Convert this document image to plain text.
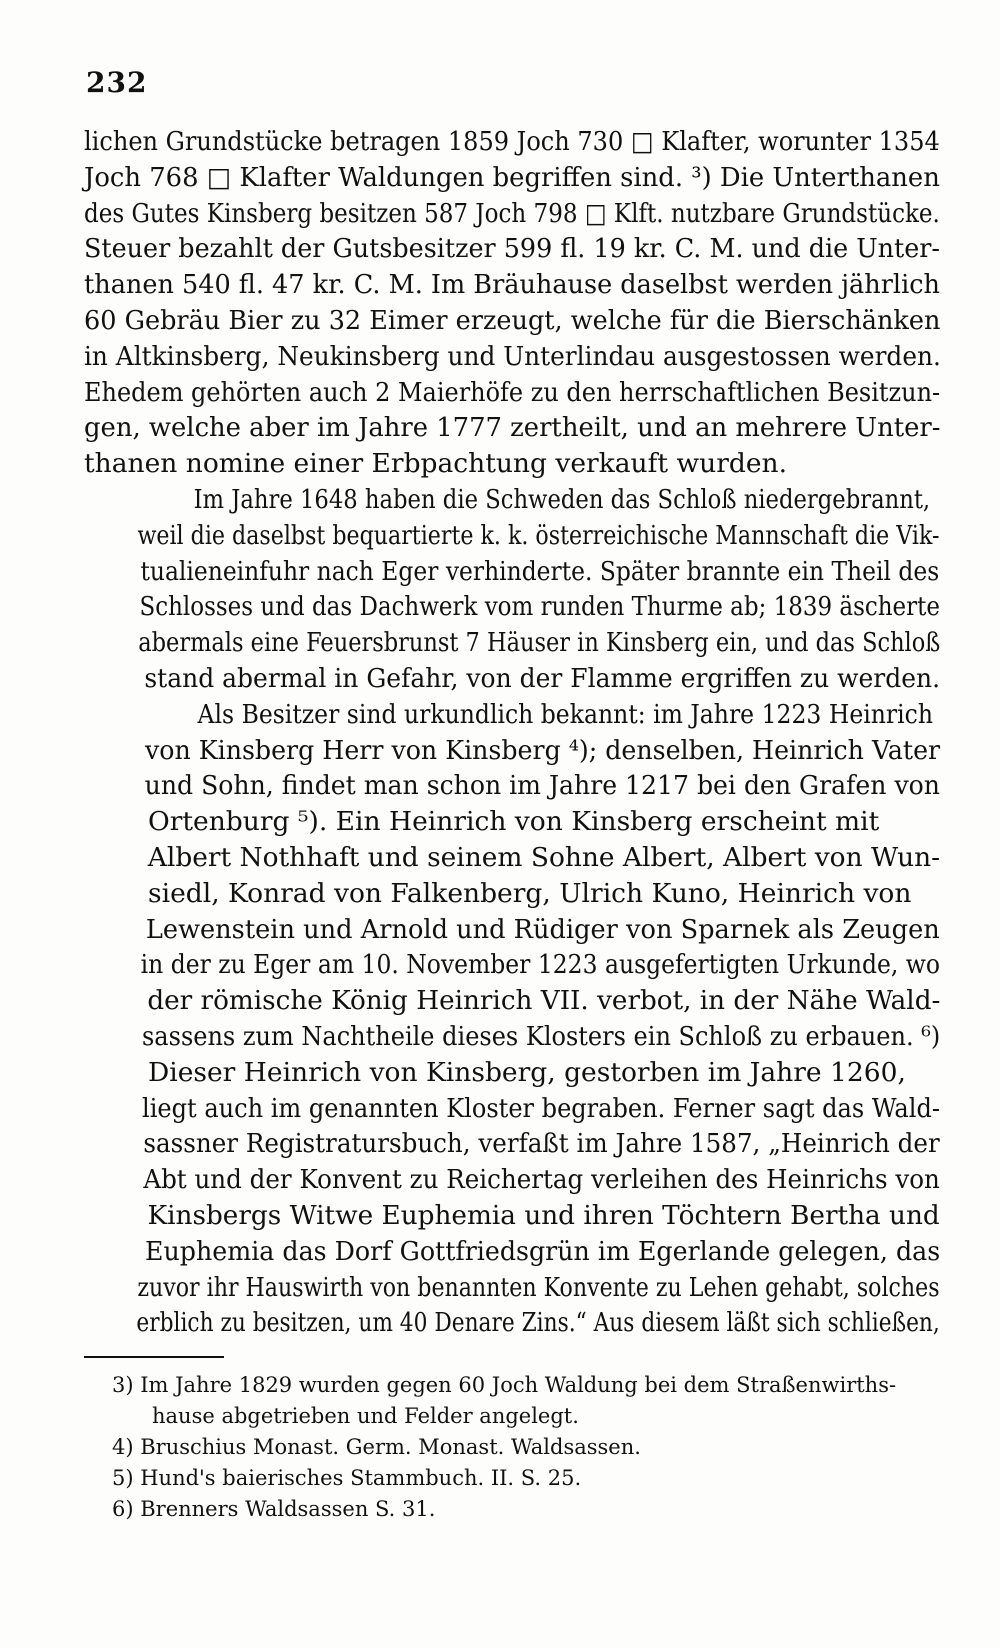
232

lichen Grundstücke betragen 1859 Joch 730 □ Klafter, worunter 1354
Joch 768 □ Klafter Waldungen begriffen sind. ³) Die Unterthanen
des Gutes Kinsberg besitzen 587 Joch 798 □ Klft. nutzbare Grundstücke.
Steuer bezahlt der Gutsbesitzer 599 fl. 19 kr. C. M. und die Unter-
thanen 540 fl. 47 kr. C. M. Im Bräuhause daselbst werden jährlich
60 Gebräu Bier zu 32 Eimer erzeugt, welche für die Bierschänken
in Altkinsberg, Neukinsberg und Unterlindau ausgestossen werden.
Ehedem gehörten auch 2 Maierhöfe zu den herrschaftlichen Besitzun-
gen, welche aber im Jahre 1777 zertheilt, und an mehrere Unter-
thanen nomine einer Erbpachtung verkauft wurden.

Im Jahre 1648 haben die Schweden das Schloß niedergebrannt,
weil die daselbst bequartierte k. k. österreichische Mannschaft die Vik-
tualieneinfuhr nach Eger verhinderte. Später brannte ein Theil des
Schlosses und das Dachwerk vom runden Thurme ab; 1839 äscherte
abermals eine Feuersbrunst 7 Häuser in Kinsberg ein, und das Schloß
stand abermal in Gefahr, von der Flamme ergriffen zu werden.

Als Besitzer sind urkundlich bekannt: im Jahre 1223 Heinrich
von Kinsberg Herr von Kinsberg ⁴); denselben, Heinrich Vater
und Sohn, findet man schon im Jahre 1217 bei den Grafen von
Ortenburg ⁵). Ein Heinrich von Kinsberg erscheint mit
Albert Nothhaft und seinem Sohne Albert, Albert von Wun-
siedl, Konrad von Falkenberg, Ulrich Kuno, Heinrich von
Lewenstein und Arnold und Rüdiger von Sparnek als Zeugen
in der zu Eger am 10. November 1223 ausgefertigten Urkunde, wo
der römische König Heinrich VII. verbot, in der Nähe Wald-
sassens zum Nachtheile dieses Klosters ein Schloß zu erbauen. ⁶)
Dieser Heinrich von Kinsberg, gestorben im Jahre 1260,
liegt auch im genannten Kloster begraben. Ferner sagt das Wald-
sassner Registratursbuch, verfaßt im Jahre 1587, „Heinrich der
Abt und der Konvent zu Reichertag verleihen des Heinrichs von
Kinsbergs Witwe Euphemia und ihren Töchtern Bertha und
Euphemia das Dorf Gottfriedsgrün im Egerlande gelegen, das
zuvor ihr Hauswirth von benannten Konvente zu Lehen gehabt, solches
erblich zu besitzen, um 40 Denare Zins.“ Aus diesem läßt sich schließen,

3) Im Jahre 1829 wurden gegen 60 Joch Waldung bei dem Straßenwirths-
hause abgetrieben und Felder angelegt.
4) Bruschius Monast. Germ. Monast. Waldsassen.
5) Hund's baierisches Stammbuch. II. S. 25.
6) Brenners Waldsassen S. 31.
